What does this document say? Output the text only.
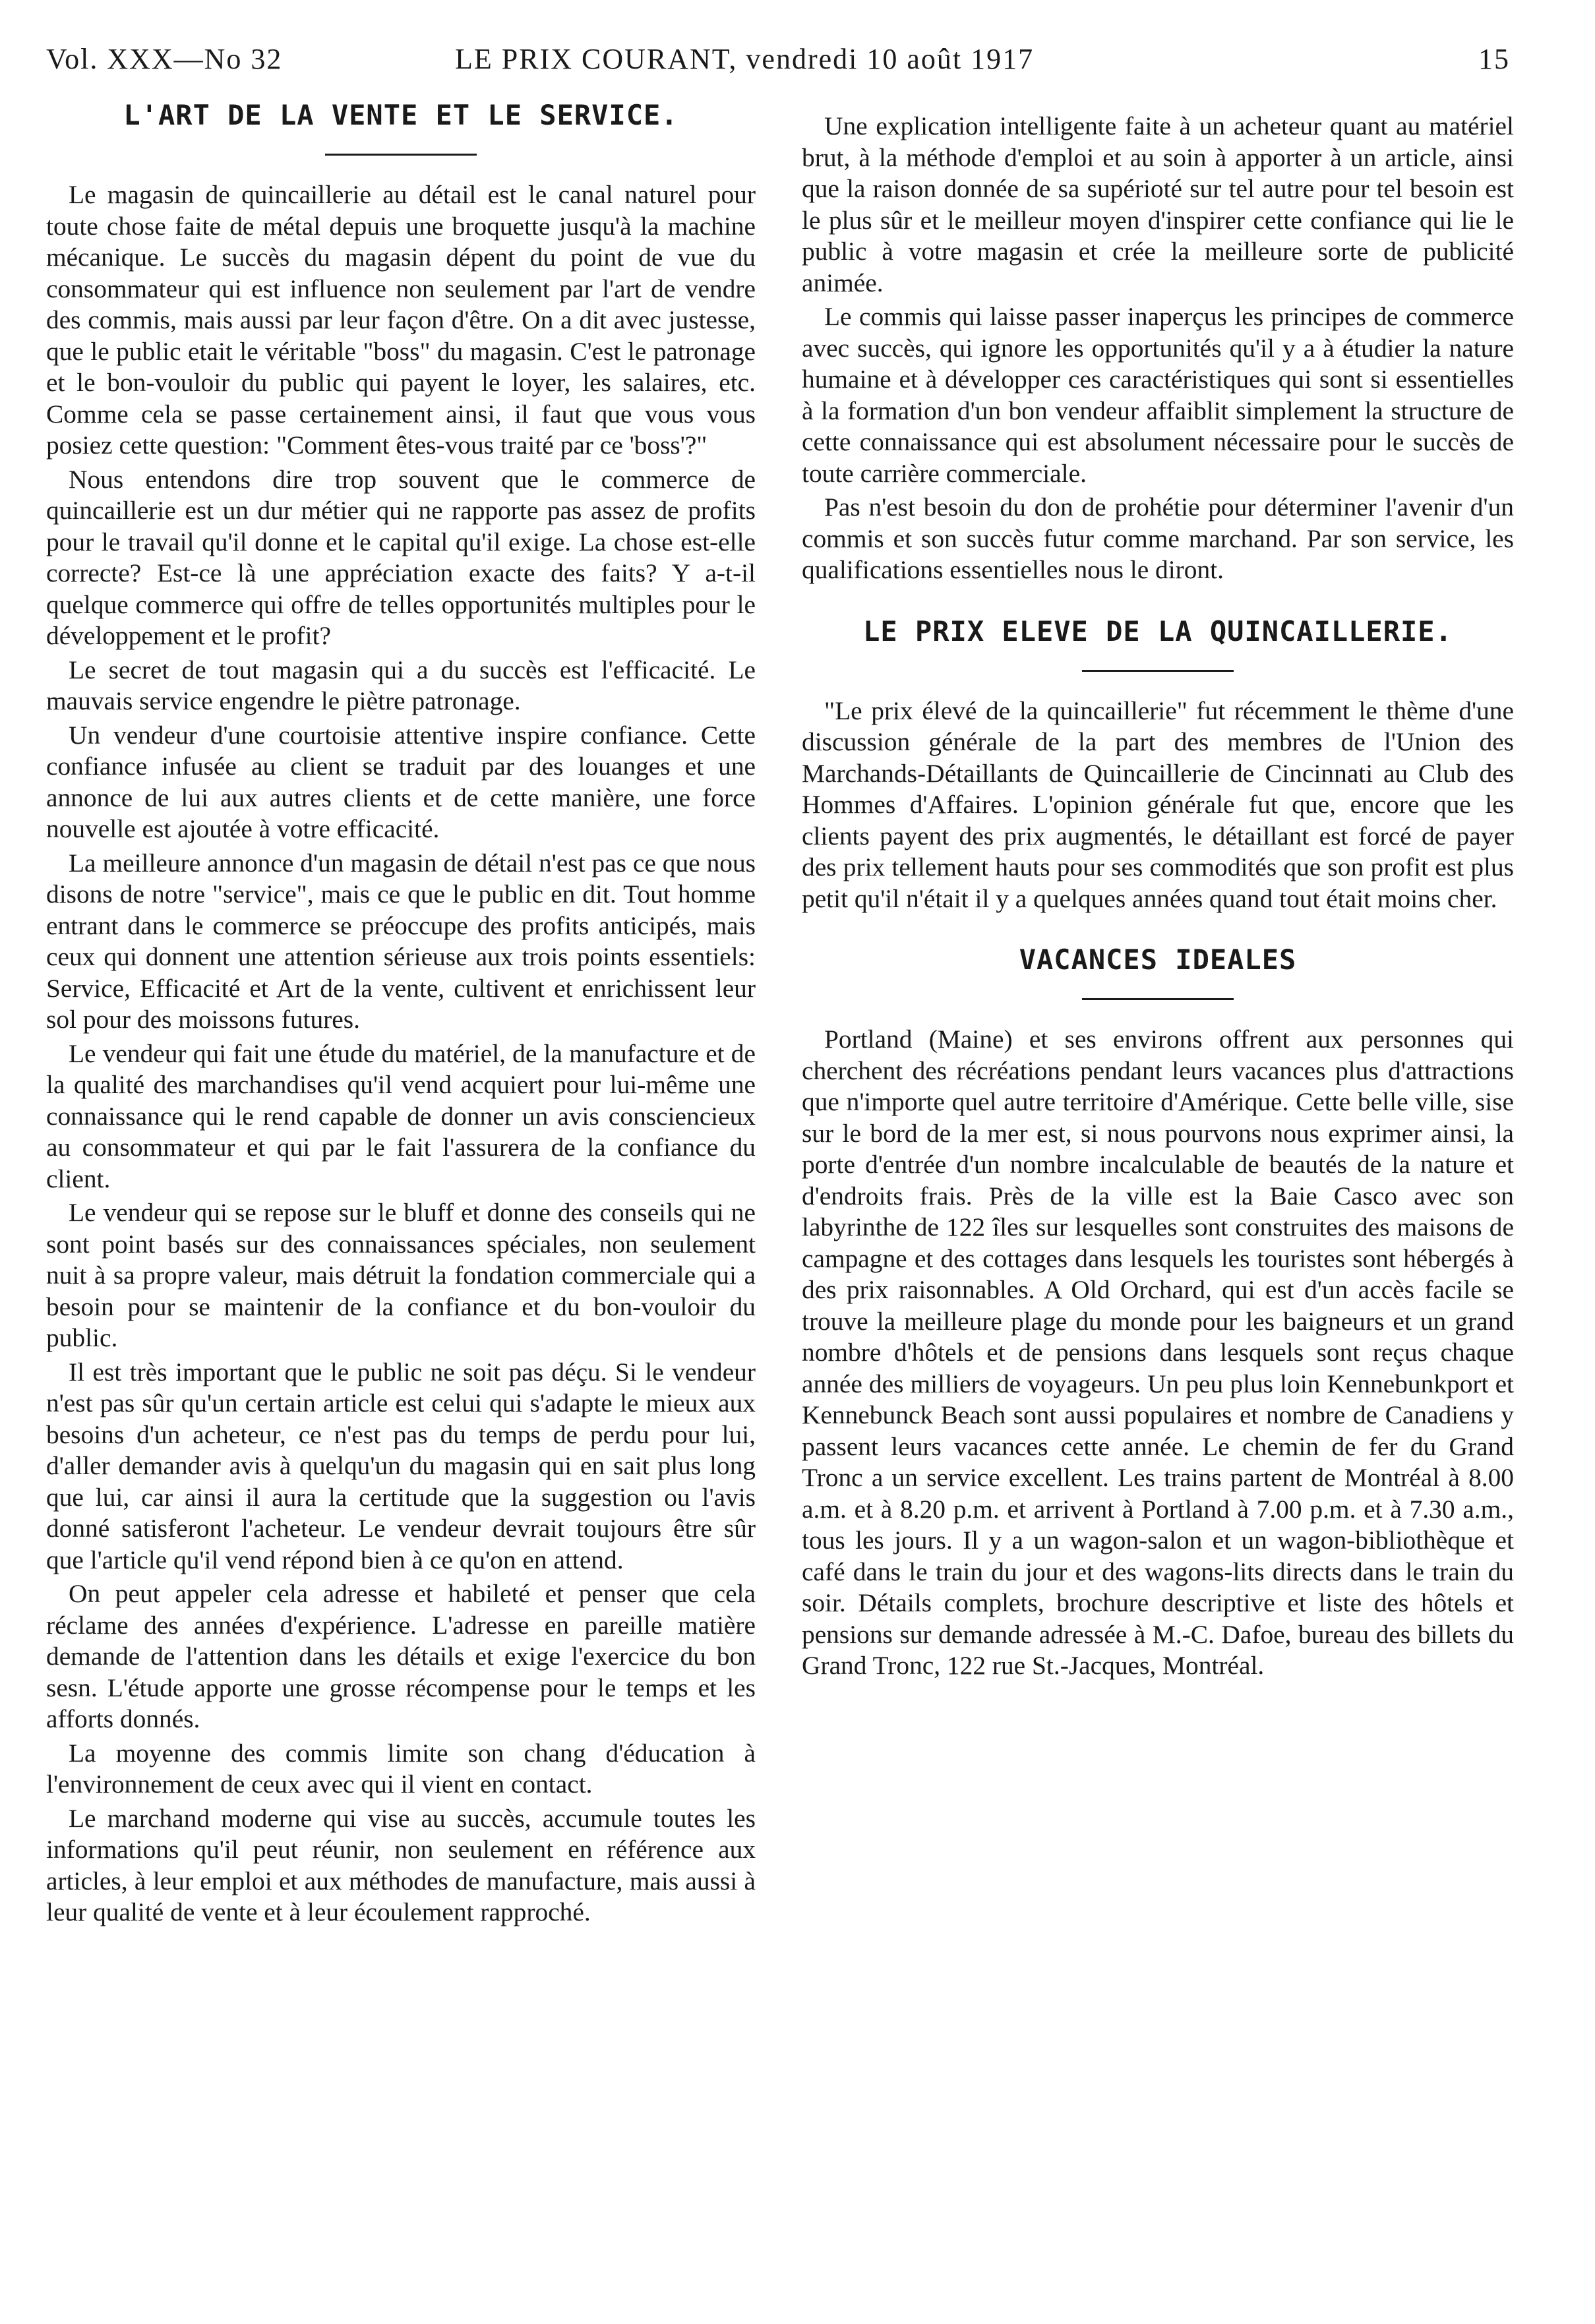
Vol. XXX—No 32	LE PRIX COURANT, vendredi 10 août 1917	15
L'ART DE LA VENTE ET LE SERVICE.

Le magasin de quincaillerie au détail est le canal naturel pour toute chose faite de métal depuis une broquette jusqu'à la machine mécanique. Le succès du magasin dépent du point de vue du consommateur qui est influence non seulement par l'art de vendre des commis, mais aussi par leur façon d'être. On a dit avec justesse, que le public etait le véritable "boss" du magasin. C'est le patronage et le bon-vouloir du public qui payent le loyer, les salaires, etc. Comme cela se passe certainement ainsi, il faut que vous vous posiez cette question: "Comment êtes-vous traité par ce 'boss'?"

Nous entendons dire trop souvent que le commerce de quincaillerie est un dur métier qui ne rapporte pas assez de profits pour le travail qu'il donne et le capital qu'il exige. La chose est-elle correcte? Est-ce là une appréciation exacte des faits? Y a-t-il quelque commerce qui offre de telles opportunités multiples pour le développement et le profit?

Le secret de tout magasin qui a du succès est l'efficacité. Le mauvais service engendre le piètre patronage.

Un vendeur d'une courtoisie attentive inspire confiance. Cette confiance infusée au client se traduit par des louanges et une annonce de lui aux autres clients et de cette manière, une force nouvelle est ajoutée à votre efficacité.

La meilleure annonce d'un magasin de détail n'est pas ce que nous disons de notre "service", mais ce que le public en dit. Tout homme entrant dans le commerce se préoccupe des profits anticipés, mais ceux qui donnent une attention sérieuse aux trois points essentiels: Service, Efficacité et Art de la vente, cultivent et enrichissent leur sol pour des moissons futures.

Le vendeur qui fait une étude du matériel, de la manufacture et de la qualité des marchandises qu'il vend acquiert pour lui-même une connaissance qui le rend capable de donner un avis consciencieux au consommateur et qui par le fait l'assurera de la confiance du client.

Le vendeur qui se repose sur le bluff et donne des conseils qui ne sont point basés sur des connaissances spéciales, non seulement nuit à sa propre valeur, mais détruit la fondation commerciale qui a besoin pour se maintenir de la confiance et du bon-vouloir du public.

Il est très important que le public ne soit pas déçu. Si le vendeur n'est pas sûr qu'un certain article est celui qui s'adapte le mieux aux besoins d'un acheteur, ce n'est pas du temps de perdu pour lui, d'aller demander avis à quelqu'un du magasin qui en sait plus long que lui, car ainsi il aura la certitude que la suggestion ou l'avis donné satisferont l'acheteur. Le vendeur devrait toujours être sûr que l'article qu'il vend répond bien à ce qu'on en attend.

On peut appeler cela adresse et habileté et penser que cela réclame des années d'expérience. L'adresse en pareille matière demande de l'attention dans les détails et exige l'exercice du bon sesn. L'étude apporte une grosse récompense pour le temps et les afforts donnés.

La moyenne des commis limite son chang d'éducation à l'environnement de ceux avec qui il vient en contact.

Le marchand moderne qui vise au succès, accumule toutes les informations qu'il peut réunir, non seulement en référence aux articles, à leur emploi et aux méthodes de manufacture, mais aussi à leur qualité de vente et à leur écoulement rapproché.

Une explication intelligente faite à un acheteur quant au matériel brut, à la méthode d'emploi et au soin à apporter à un article, ainsi que la raison donnée de sa supérioté sur tel autre pour tel besoin est le plus sûr et le meilleur moyen d'inspirer cette confiance qui lie le public à votre magasin et crée la meilleure sorte de publicité animée.

Le commis qui laisse passer inaperçus les principes de commerce avec succès, qui ignore les opportunités qu'il y a à étudier la nature humaine et à développer ces caractéristiques qui sont si essentielles à la formation d'un bon vendeur affaiblit simplement la structure de cette connaissance qui est absolument nécessaire pour le succès de toute carrière commerciale.

Pas n'est besoin du don de prohétie pour déterminer l'avenir d'un commis et son succès futur comme marchand. Par son service, les qualifications essentielles nous le diront.

LE PRIX ELEVE DE LA QUINCAILLERIE.

"Le prix élevé de la quincaillerie" fut récemment le thème d'une discussion générale de la part des membres de l'Union des Marchands-Détaillants de Quincaillerie de Cincinnati au Club des Hommes d'Affaires. L'opinion générale fut que, encore que les clients payent des prix augmentés, le détaillant est forcé de payer des prix tellement hauts pour ses commodités que son profit est plus petit qu'il n'était il y a quelques années quand tout était moins cher.

VACANCES IDEALES

Portland (Maine) et ses environs offrent aux personnes qui cherchent des récréations pendant leurs vacances plus d'attractions que n'importe quel autre territoire d'Amérique. Cette belle ville, sise sur le bord de la mer est, si nous pourvons nous exprimer ainsi, la porte d'entrée d'un nombre incalculable de beautés de la nature et d'endroits frais. Près de la ville est la Baie Casco avec son labyrinthe de 122 îles sur lesquelles sont construites des maisons de campagne et des cottages dans lesquels les touristes sont hébergés à des prix raisonnables. A Old Orchard, qui est d'un accès facile se trouve la meilleure plage du monde pour les baigneurs et un grand nombre d'hôtels et de pensions dans lesquels sont reçus chaque année des milliers de voyageurs. Un peu plus loin Kennebunkport et Kennebunck Beach sont aussi populaires et nombre de Canadiens y passent leurs vacances cette année. Le chemin de fer du Grand Tronc a un service excellent. Les trains partent de Montréal à 8.00 a.m. et à 8.20 p.m. et arrivent à Portland à 7.00 p.m. et à 7.30 a.m., tous les jours. Il y a un wagon-salon et un wagon-bibliothèque et café dans le train du jour et des wagons-lits directs dans le train du soir. Détails complets, brochure descriptive et liste des hôtels et pensions sur demande adressée à M.-C. Dafoe, bureau des billets du Grand Tronc, 122 rue St.-Jacques, Montréal.
